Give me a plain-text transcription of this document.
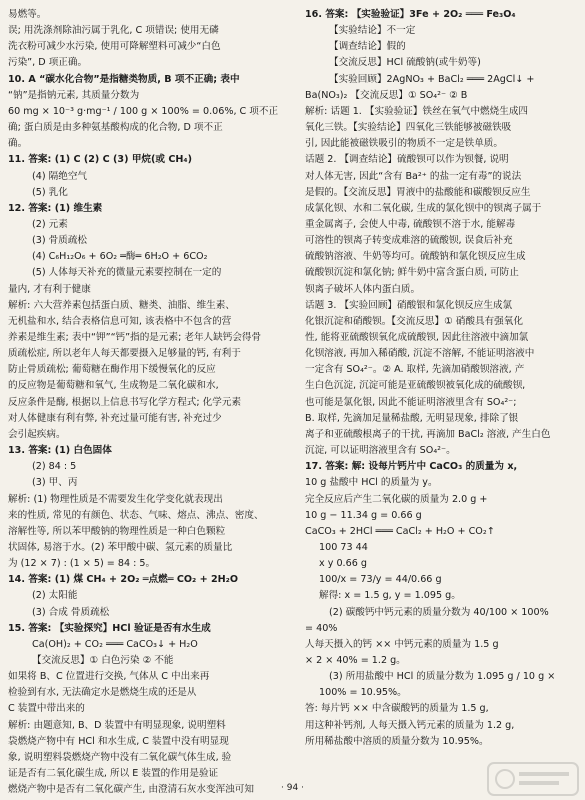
易燃等。
误; 用洗涤剂除油污属于乳化, C 项错误; 使用无磷
洗衣粉可减少水污染, 使用可降解塑料可减少“白色
污染”, D 项正确。
10. A “碳水化合物”是指糖类物质, B 项不正确; 表中
“钠”是指钠元素, 其质量分数为
60 mg × 10⁻³ g·mg⁻¹ / 100 g × 100% = 0.06%, C 项不正
确; 蛋白质是由多种氨基酸构成的化合物, D 项不正
确。
11. 答案: (1) C (2) C (3) 甲烷(或 CH₄)
(4) 隔绝空气
(5) 乳化
12. 答案: (1) 维生素
(2) 元素
(3) 骨质疏松
(4) C₆H₁₂O₆ + 6O₂ ═酶═ 6H₂O + 6CO₂
(5) 人体每天补充的微量元素要控制在一定的
量内, 才有利于健康
解析: 六大营养素包括蛋白质、糖类、油脂、维生素、
无机盐和水, 结合表格信息可知, 该表格中不包含的营
养素是维生素; 表中“钾”“钙”指的是元素; 老年人缺钙会得骨
质疏松症, 所以老年人每天都要摄入足够量的钙, 有利于
防止骨质疏松; 葡萄糖在酶作用下缓慢氧化的反应
的反应物是葡萄糖和氧气, 生成物是二氧化碳和水,
反应条件是酶, 根据以上信息书写化学方程式; 化学元素
对人体健康有利有弊, 补充过量可能有害, 补充过少
会引起疾病。
13. 答案: (1) 白色固体
(2) 84 : 5
(3) 甲、丙
解析: (1) 物理性质是不需要发生化学变化就表现出
来的性质, 常见的有颜色、状态、气味、熔点、沸点、密度、
溶解性等, 所以苯甲酸钠的物理性质是一种白色颗粒
状固体, 易溶于水。(2) 苯甲酸中碳、氢元素的质量比
为 (12 × 7) : (1 × 5) = 84 : 5。
14. 答案: (1) 煤 CH₄ + 2O₂ ═点燃═ CO₂ + 2H₂O
(2) 太阳能
(3) 合成 骨质疏松
15. 答案: 【实验探究】HCl 验证是否有水生成
Ca(OH)₂ + CO₂ ═══ CaCO₃↓ + H₂O
【交流反思】① 白色污染 ② 不能
如果将 B、C 位置进行交换, 气体从 C 中出来再
检验到有水, 无法确定水是燃烧生成的还是从
C 装置中带出来的
解析: 由题意知, B、D 装置中有明显现象, 说明塑料
袋燃烧产物中有 HCl 和水生成, C 装置中没有明显现
象, 说明塑料袋燃烧产物中没有二氧化碳气体生成, 验
证是否有二氧化碳生成, 所以 E 装置的作用是验证
燃烧产物中是否有二氧化碳产生, 由澄清石灰水变浑浊可知
16. 答案: 【实验验证】3Fe + 2O₂ ═══ Fe₃O₄
【实验结论】不一定
【调查结论】假的
【交流反思】HCl 硫酸钠(或牛奶等)
【实验回顾】2AgNO₃ + BaCl₂ ═══ 2AgCl↓ +
Ba(NO₃)₂ 【交流反思】① SO₄²⁻ ② B
解析: 话题 1. 【实验验证】铁丝在氧气中燃烧生成四
氧化三铁。【实验结论】四氧化三铁能够被磁铁吸
引, 因此能被磁铁吸引的物质不一定是铁单质。
话题 2. 【调查结论】硫酸钡可以作为钡餐, 说明
对人体无害, 因此“含有 Ba²⁺ 的盐一定有毒”的说法
是假的。【交流反思】胃液中的盐酸能和碳酸钡反应生
成氯化钡、水和二氧化碳, 生成的氯化钡中的钡离子属于
重金属离子, 会使人中毒, 硫酸钡不溶于水, 能解毒
可溶性的钡离子转变成难溶的硫酸钡, 误食后补充
硫酸钠溶液、牛奶等均可。硫酸钠和氯化钡反应生成
硫酸钡沉淀和氯化钠; 鲜牛奶中富含蛋白质, 可防止
钡离子破坏人体内蛋白质。
话题 3. 【实验回顾】硝酸银和氯化钡反应生成氯
化银沉淀和硝酸钡。【交流反思】① 硝酸具有强氧化
性, 能将亚硫酸钡氧化成硫酸钡, 因此往溶液中滴加氯
化钡溶液, 再加入稀硝酸, 沉淀不溶解, 不能证明溶液中
一定含有 SO₄²⁻。② A. 取样, 先滴加硝酸钡溶液, 产
生白色沉淀, 沉淀可能是亚硫酸钡被氧化成的硫酸钡,
也可能是氯化银, 因此不能证明溶液里含有 SO₄²⁻;
B. 取样, 先滴加足量稀盐酸, 无明显现象, 排除了银
离子和亚硫酸根离子的干扰, 再滴加 BaCl₂ 溶液, 产生白色
沉淀, 可以证明溶液里含有 SO₄²⁻。
17. 答案: 解: 设每片钙片中 CaCO₃ 的质量为 x,
10 g 盐酸中 HCl 的质量为 y。
完全反应后产生二氧化碳的质量为 2.0 g +
10 g − 11.34 g = 0.66 g
CaCO₃ + 2HCl ═══ CaCl₂ + H₂O + CO₂↑
100 73 44
x y 0.66 g
100/x = 73/y = 44/0.66 g
解得: x = 1.5 g, y = 1.095 g。
(2) 碳酸钙中钙元素的质量分数为 40/100 × 100%
= 40%
人每天摄入的钙 ×× 中钙元素的质量为 1.5 g
× 2 × 40% = 1.2 g。
(3) 所用盐酸中 HCl 的质量分数为 1.095 g / 10 g ×
100% = 10.95%。
答: 每片钙 ×× 中含碳酸钙的质量为 1.5 g,
用这种补钙剂, 人每天摄入钙元素的质量为 1.2 g,
所用稀盐酸中溶质的质量分数为 10.95%。
· 94 ·
